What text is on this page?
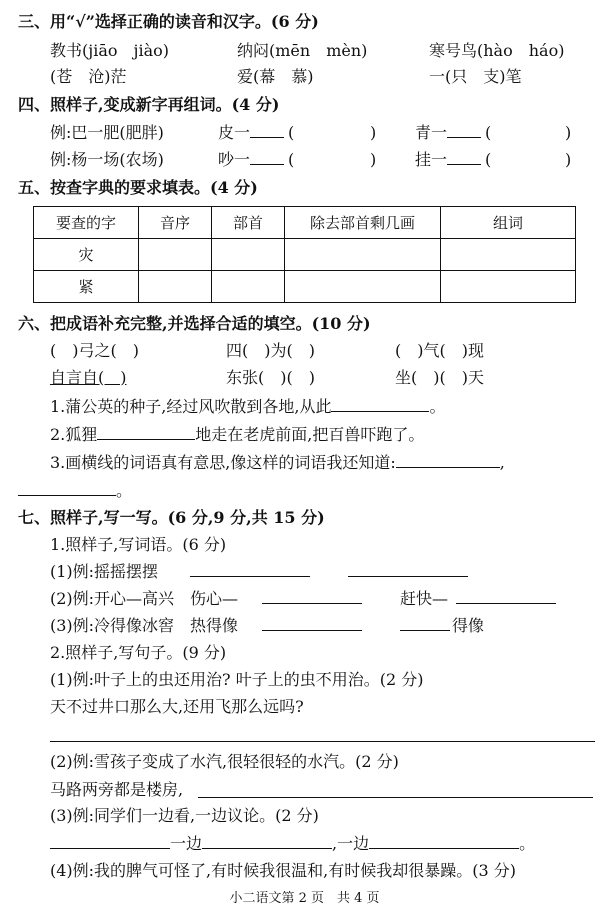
三、用“√”选择正确的读音和汉字。(6 分)
教书(jiāo　jiào)	纳闷(mēn　mèn)	寒号鸟(hào　háo)
(苍　沧)茫	爱(幕　慕)	一(只　支)笔
四、照样子,变成新字再组词。(4 分)
例:巴一肥(肥胖)	皮一 (	) 青一 (	)
例:杨一场(农场)	吵一 (	) 挂一 (	)
五、按查字典的要求填表。(4 分)
要查的字	音序	部首	除去部首剩几画	组词
灾				
紧				
六、把成语补充完整,并选择合适的填空。(10 分)
(　)弓之(　)	四(　)为(　)	(　)气(　)现
自言自(　)	东张(　)(　)	坐(　)(　)天
1.蒲公英的种子,经过风吹散到各地,从此	。
2.狐狸	地走在老虎前面,把百兽吓跑了。
3.画横线的词语真有意思,像这样的词语我还知道:	,
。
七、照样子,写一写。(6 分,9 分,共 15 分)
1.照样子,写词语。(6 分)
(1)例:摇摇摆摆
(2)例:开心—高兴　伤心—	赶快—
(3)例:冷得像冰窖　热得像	得像
2.照样子,写句子。(9 分)
(1)例:叶子上的虫还用治? 叶子上的虫不用治。(2 分)
天不过井口那么大,还用飞那么远吗?
(2)例:雪孩子变成了水汽,很轻很轻的水汽。(2 分)
马路两旁都是楼房,
(3)例:同学们一边看,一边议论。(2 分)
一边	,一边	。
(4)例:我的脾气可怪了,有时候我很温和,有时候我却很暴躁。(3 分)
小二语文第 2 页　共 4 页
